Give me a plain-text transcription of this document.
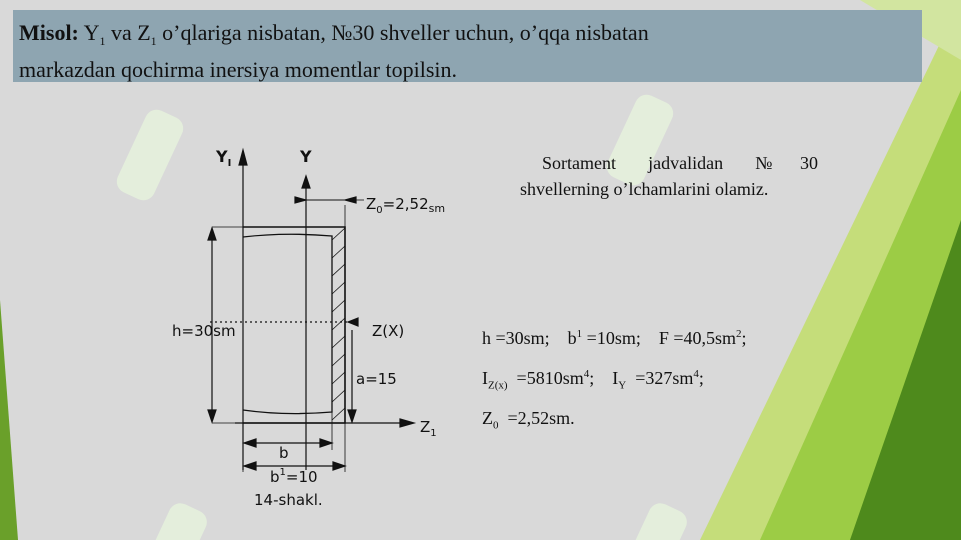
$Y_I$	Y
$Z_0=2,52_{sm}$
h=30sm	Z(X)
a=15
$Z_1$
b
$b^1=10$
14-shakl.
Misol: $Y_1$ va $Z_1$ o’qlariga nisbatan, №30 shveller uchun, o’qqa nisbatan
markazdan qochirma inersiya momentlar topilsin.
Sortament jadvalidan №30 shvellerning o’lchamlarini olamiz.
h =30sm; $b^1 =10sm$; $F =40,5sm^2$;
$I_{Z(x)} =5810sm^4$; $I_Y =327sm^4$;
$Z_0 =2,52sm$.
